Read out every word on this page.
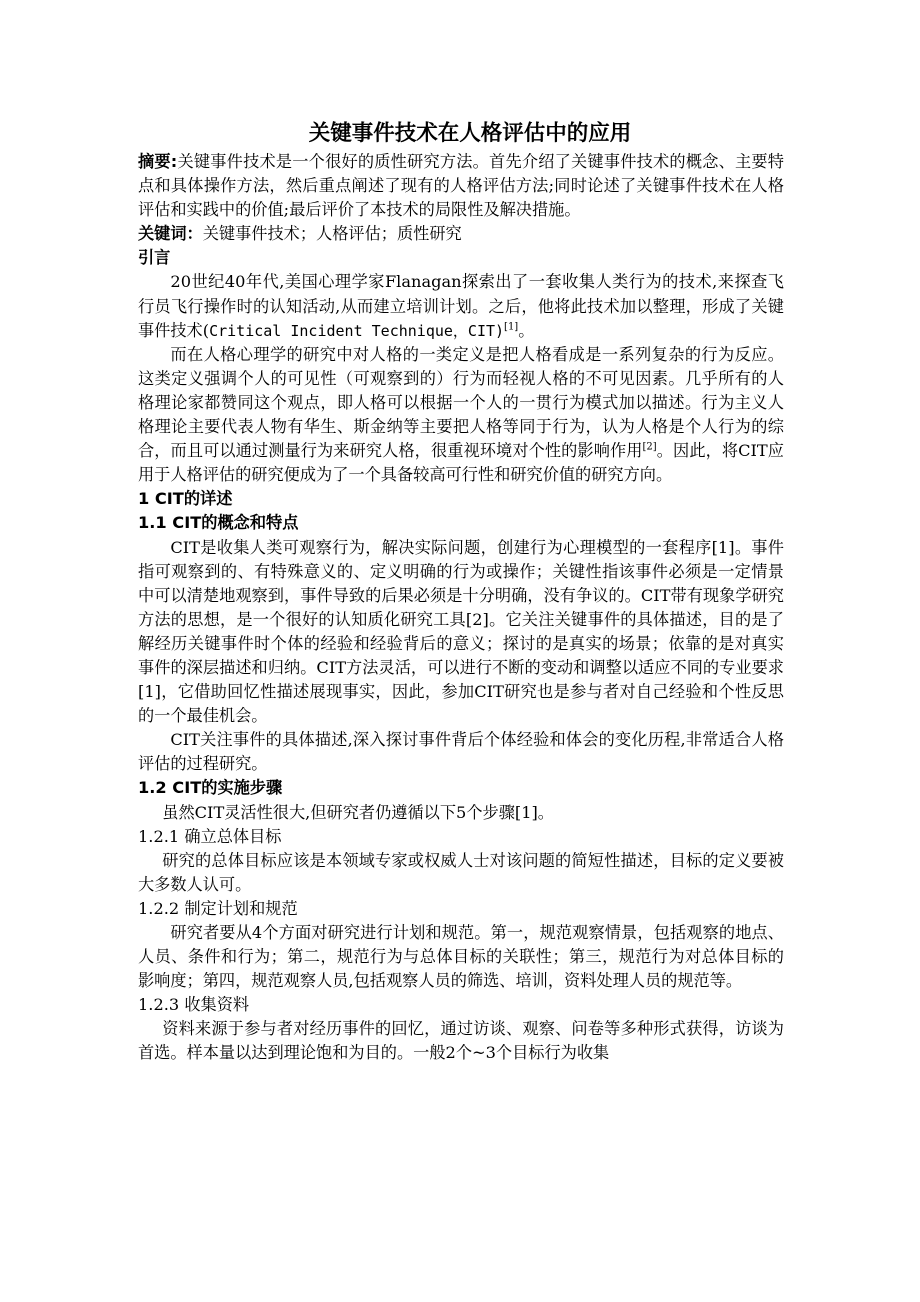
关键事件技术在人格评估中的应用

摘要:关键事件技术是一个很好的质性研究方法。首先介绍了关键事件技术的概念、主要特点和具体操作方法，然后重点阐述了现有的人格评估方法;同时论述了关键事件技术在人格评估和实践中的价值;最后评价了本技术的局限性及解决措施。

关键词：关键事件技术；人格评估；质性研究

引言

20世纪40年代,美国心理学家Flanagan探索出了一套收集人类行为的技术,来探查飞行员飞行操作时的认知活动,从而建立培训计划。之后，他将此技术加以整理，形成了关键事件技术(Critical Incident Technique，CIT)[1]。

而在人格心理学的研究中对人格的一类定义是把人格看成是一系列复杂的行为反应。这类定义强调个人的可见性（可观察到的）行为而轻视人格的不可见因素。几乎所有的人格理论家都赞同这个观点，即人格可以根据一个人的一贯行为模式加以描述。行为主义人格理论主要代表人物有华生、斯金纳等主要把人格等同于行为，认为人格是个人行为的综合，而且可以通过测量行为来研究人格，很重视环境对个性的影响作用[2]。因此，将CIT应用于人格评估的研究便成为了一个具备较高可行性和研究价值的研究方向。

1 CIT的详述

1.1 CIT的概念和特点

CIT是收集人类可观察行为，解决实际问题，创建行为心理模型的一套程序[1]。事件指可观察到的、有特殊意义的、定义明确的行为或操作；关键性指该事件必须是一定情景中可以清楚地观察到，事件导致的后果必须是十分明确，没有争议的。CIT带有现象学研究方法的思想，是一个很好的认知质化研究工具[2]。它关注关键事件的具体描述，目的是了解经历关键事件时个体的经验和经验背后的意义；探讨的是真实的场景；依靠的是对真实事件的深层描述和归纳。CIT方法灵活，可以进行不断的变动和调整以适应不同的专业要求[1]，它借助回忆性描述展现事实，因此，参加CIT研究也是参与者对自己经验和个性反思的一个最佳机会。

CIT关注事件的具体描述,深入探讨事件背后个体经验和体会的变化历程,非常适合人格评估的过程研究。

1.2 CIT的实施步骤

虽然CIT灵活性很大,但研究者仍遵循以下5个步骤[1]。

1.2.1 确立总体目标

研究的总体目标应该是本领域专家或权威人士对该问题的简短性描述，目标的定义要被大多数人认可。

1.2.2 制定计划和规范

研究者要从4个方面对研究进行计划和规范。第一，规范观察情景，包括观察的地点、人员、条件和行为；第二，规范行为与总体目标的关联性；第三，规范行为对总体目标的影响度；第四，规范观察人员,包括观察人员的筛选、培训，资料处理人员的规范等。

1.2.3 收集资料

资料来源于参与者对经历事件的回忆，通过访谈、观察、问卷等多种形式获得，访谈为首选。样本量以达到理论饱和为目的。一般2个~3个目标行为收集
